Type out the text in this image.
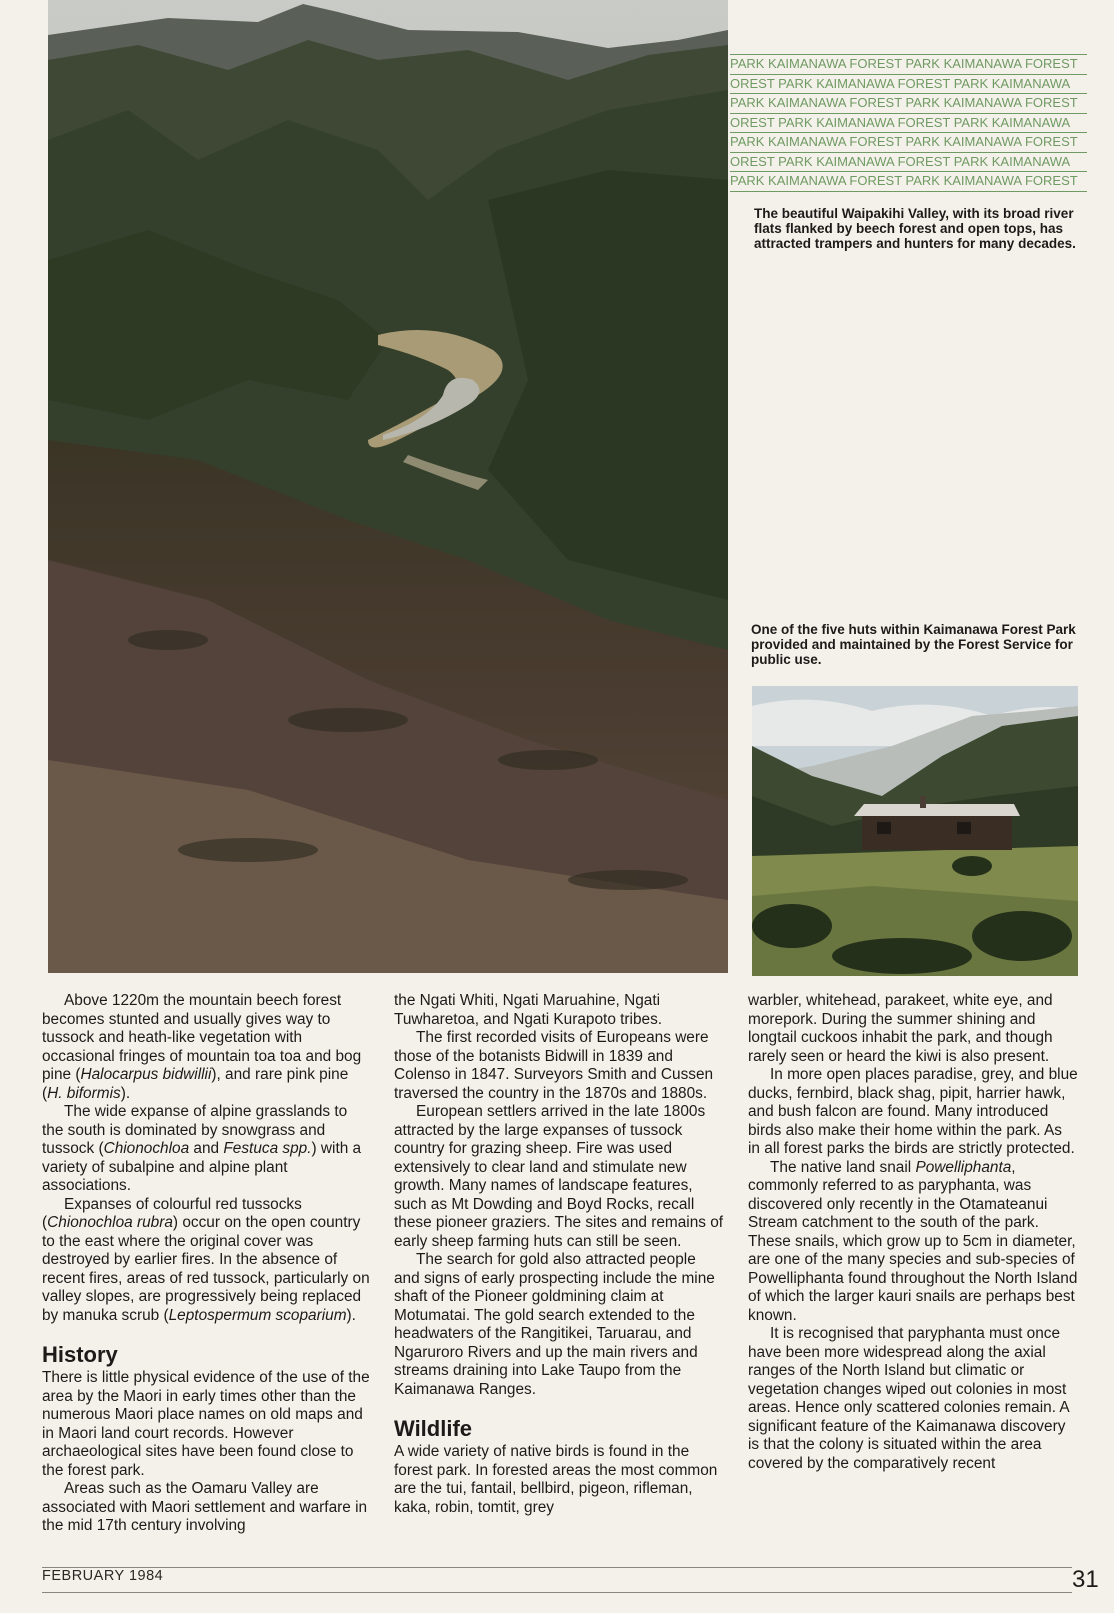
PARK KAIMANAWA FOREST PARK KAIMANAWA FOREST
OREST PARK KAIMANAWA FOREST PARK KAIMANAWA
PARK KAIMANAWA FOREST PARK KAIMANAWA FOREST
OREST PARK KAIMANAWA FOREST PARK KAIMANAWA
PARK KAIMANAWA FOREST PARK KAIMANAWA FOREST
OREST PARK KAIMANAWA FOREST PARK KAIMANAWA
PARK KAIMANAWA FOREST PARK KAIMANAWA FOREST
The beautiful Waipakihi Valley, with its broad river flats flanked by beech forest and open tops, has attracted trampers and hunters for many decades.
One of the five huts within Kaimanawa Forest Park provided and maintained by the Forest Service for public use.

Above 1220m the mountain beech forest becomes stunted and usually gives way to tussock and heath-like vegetation with occasional fringes of mountain toa toa and bog pine (Halocarpus bidwillii), and rare pink pine (H. biformis).

The wide expanse of alpine grasslands to the south is dominated by snowgrass and tussock (Chionochloa and Festuca spp.) with a variety of subalpine and alpine plant associations.

Expanses of colourful red tussocks (Chionochloa rubra) occur on the open country to the east where the original cover was destroyed by earlier fires. In the absence of recent fires, areas of red tussock, particularly on valley slopes, are progressively being replaced by manuka scrub (Leptospermum scoparium).

History

There is little physical evidence of the use of the area by the Maori in early times other than the numerous Maori place names on old maps and in Maori land court records. However archaeological sites have been found close to the forest park.

Areas such as the Oamaru Valley are associated with Maori settlement and warfare in the mid 17th century involving

the Ngati Whiti, Ngati Maruahine, Ngati Tuwharetoa, and Ngati Kurapoto tribes.

The first recorded visits of Europeans were those of the botanists Bidwill in 1839 and Colenso in 1847. Surveyors Smith and Cussen traversed the country in the 1870s and 1880s.

European settlers arrived in the late 1800s attracted by the large expanses of tussock country for grazing sheep. Fire was used extensively to clear land and stimulate new growth. Many names of landscape features, such as Mt Dowding and Boyd Rocks, recall these pioneer graziers. The sites and remains of early sheep farming huts can still be seen.

The search for gold also attracted people and signs of early prospecting include the mine shaft of the Pioneer goldmining claim at Motumatai. The gold search extended to the headwaters of the Rangitikei, Taruarau, and Ngaruroro Rivers and up the main rivers and streams draining into Lake Taupo from the Kaimanawa Ranges.

Wildlife

A wide variety of native birds is found in the forest park. In forested areas the most common are the tui, fantail, bellbird, pigeon, rifleman, kaka, robin, tomtit, grey

warbler, whitehead, parakeet, white eye, and morepork. During the summer shining and longtail cuckoos inhabit the park, and though rarely seen or heard the kiwi is also present.

In more open places paradise, grey, and blue ducks, fernbird, black shag, pipit, harrier hawk, and bush falcon are found. Many introduced birds also make their home within the park. As in all forest parks the birds are strictly protected.

The native land snail Powelliphanta, commonly referred to as paryphanta, was discovered only recently in the Otamateanui Stream catchment to the south of the park. These snails, which grow up to 5cm in diameter, are one of the many species and sub-species of Powelliphanta found throughout the North Island of which the larger kauri snails are perhaps best known.

It is recognised that paryphanta must once have been more widespread along the axial ranges of the North Island but climatic or vegetation changes wiped out colonies in most areas. Hence only scattered colonies remain. A significant feature of the Kaimanawa discovery is that the colony is situated within the area covered by the comparatively recent

FEBRUARY 1984	31
